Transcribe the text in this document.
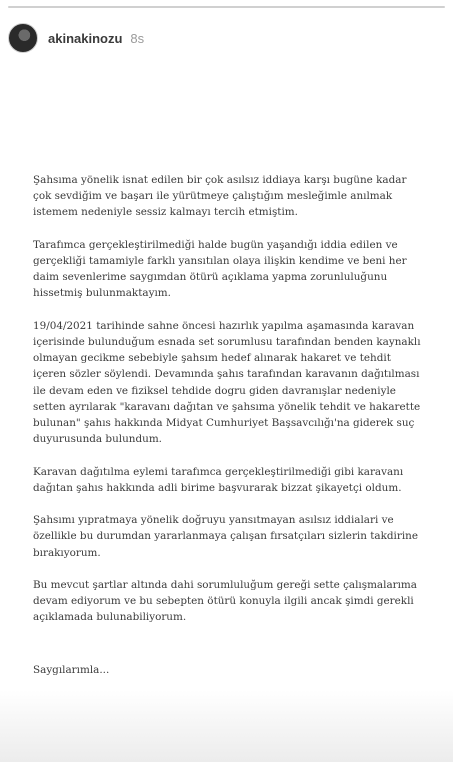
akinakinozu 8s

Şahsıma yönelik isnat edilen bir çok asılsız iddiaya karşı bugüne kadar çok sevdiğim ve başarı ile yürütmeye çalıştığım mesleğimle anılmak istemem nedeniyle sessiz kalmayı tercih etmiştim.

Tarafımca gerçekleştirilmediği halde bugün yaşandığı iddia edilen ve gerçekliği tamamiyle farklı yansıtılan olaya ilişkin kendime ve beni her daim sevenlerime saygımdan ötürü açıklama yapma zorunluluğunu hissetmiş bulunmaktayım.

19/04/2021 tarihinde sahne öncesi hazırlık yapılma aşamasında karavan içerisinde bulunduğum esnada set sorumlusu tarafından benden kaynaklı olmayan gecikme sebebiyle şahsım hedef alınarak hakaret ve tehdit içeren sözler söylendi. Devamında şahıs tarafından karavanın dağıtılması ile devam eden ve fiziksel tehdide dogru giden davranışlar nedeniyle setten ayrılarak "karavanı dağıtan ve şahsıma yönelik tehdit ve hakarette bulunan" şahıs hakkında Midyat Cumhuriyet Başsavcılığı'na giderek suç duyurusunda bulundum.

Karavan dağıtılma eylemi tarafımca gerçekleştirilmediği gibi karavanı dağıtan şahıs hakkında adli birime başvurarak bizzat şikayetçi oldum.

Şahsımı yıpratmaya yönelik doğruyu yansıtmayan asılsız iddialari ve özellikle bu durumdan yararlanmaya çalışan fırsatçıları sizlerin takdirine bırakıyorum.

Bu mevcut şartlar altında dahi sorumluluğum gereği sette çalışmalarıma devam ediyorum ve bu sebepten ötürü konuyla ilgili ancak şimdi gerekli açıklamada bulunabiliyorum.

Saygılarımla...
